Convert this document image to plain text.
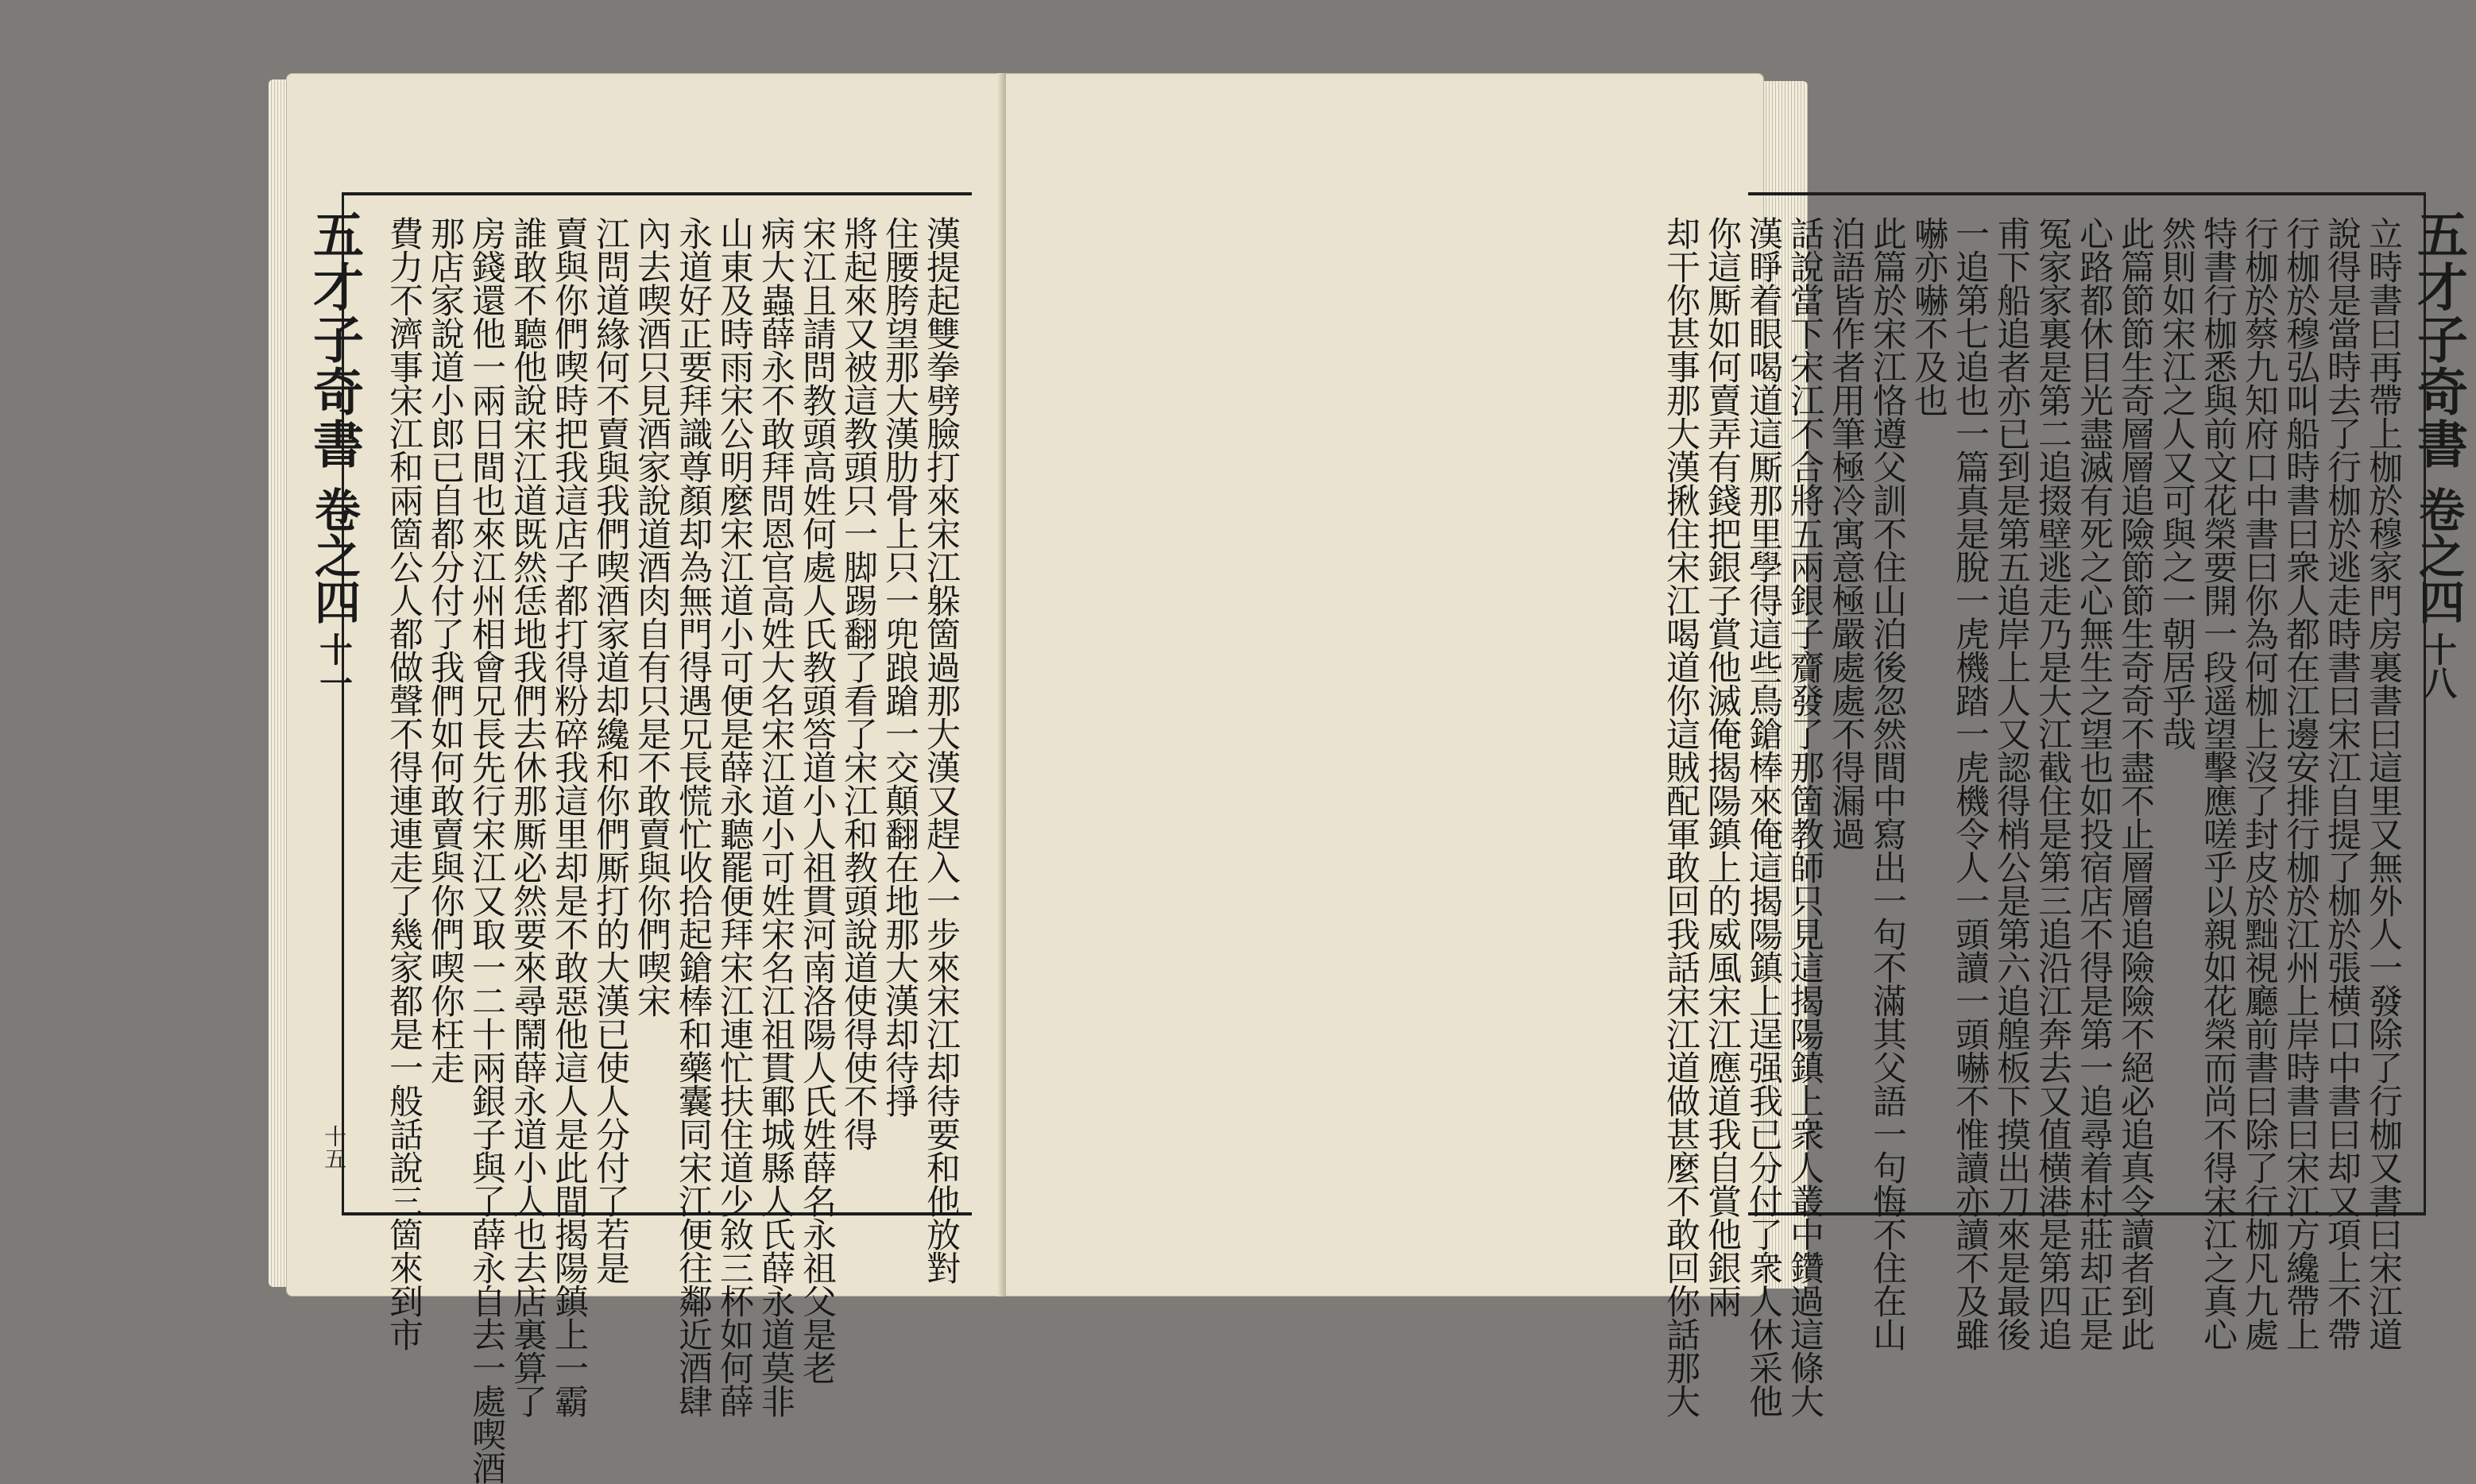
五才子奇書
卷之四
十一
十五	漢提起雙拳劈臉打來宋江躲箇過那大漢又趕入一步來宋江却待要和他放對
住腰胯望那大漢肋骨上只一兜踉蹌一交顛翻在地那大漢却待掙
將起來又被這教頭只一脚踢翻了看了宋江和教頭說道使得使不得
宋江且請問教頭高姓何處人氏教頭答道小人祖貫河南洛陽人氏姓薛名永祖父是老
病大蟲薛永不敢拜問恩官高姓大名宋江道小可姓宋名江祖貫鄆城縣人氏薛永道莫非
山東及時雨宋公明麼宋江道小可便是薛永聽罷便拜宋江連忙扶住道少敘三杯如何薛
永道好正要拜識尊顏却為無門得遇兄長慌忙收拾起鎗棒和藥囊同宋江便往鄰近酒肆
內去喫酒只見酒家說道酒肉自有只是不敢賣與你們喫宋
江問道緣何不賣與我們喫酒家道却纔和你們厮打的大漢已使人分付了若是
賣與你們喫時把我這店子都打得粉碎我這里却是不敢惡他這人是此間揭陽鎮上一霸
誰敢不聽他說宋江道既然恁地我們去休那厮必然要來尋鬧薛永道小人也去店裏算了
房錢還他一兩日間也來江州相會兄長先行宋江又取一二十兩銀子與了薛永自去一處喫酒
那店家說道小郎已自都分付了我們如何敢賣與你們喫你枉走
費力不濟事宋江和兩箇公人都做聲不得連連走了幾家都是一般話說三箇來到市	五才子奇書
卷之四
十八
立時書曰再帶上枷於穆家門房裏書曰這里又無外人一發除了行枷又書曰宋江道
說得是當時去了行枷於逃走時書曰宋江自提了枷於張横口中書曰却又項上不帶
行枷於穆弘叫船時書曰衆人都在江邊安排行枷於江州上岸時書曰宋江方纔帶上
行枷於蔡九知府口中書曰你為何枷上沒了封皮於黜視廳前書曰除了行枷凡九處
特書行枷悉與前文花榮要開一段遥望擊應嗟乎以親如花榮而尚不得宋江之真心
然則如宋江之人又可與之一朝居乎哉
此篇節節生奇層層追險節節生奇奇不盡不止層層追險險不絕必追真令讀者到此
心路都休目光盡滅有死之心無生之望也如投宿店不得是第一追尋着村莊却正是
冤家家裏是第二追掇壁逃走乃是大江截住是第三追沿江奔去又值横港是第四追
甫下船追者亦已到是第五追岸上人又認得梢公是第六追艎板下摸出刀來是最後
一追第七追也一篇真是脫一虎機踏一虎機令人一頭讀一頭嚇不惟讀亦讀不及雖
嚇亦嚇不及也
此篇於宋江恪遵父訓不住山泊後忽然間中寫出一句不滿其父語一句悔不住在山
泊語皆作者用筆極冷寓意極嚴處處不得漏過
話說當下宋江不合將五兩銀子齎發了那箇教師只見這揭陽鎮上衆人叢中鑽過這條大
漢睜着眼喝道這厮那里學得這些鳥鎗棒來俺這揭陽鎮上逞强我已分付了衆人休采他
你這厮如何賣弄有錢把銀子賞他滅俺揭陽鎮上的威風宋江應道我自賞他銀兩
却干你甚事那大漢揪住宋江喝道你這賊配軍敢回我話宋江道做甚麼不敢回你話那大
